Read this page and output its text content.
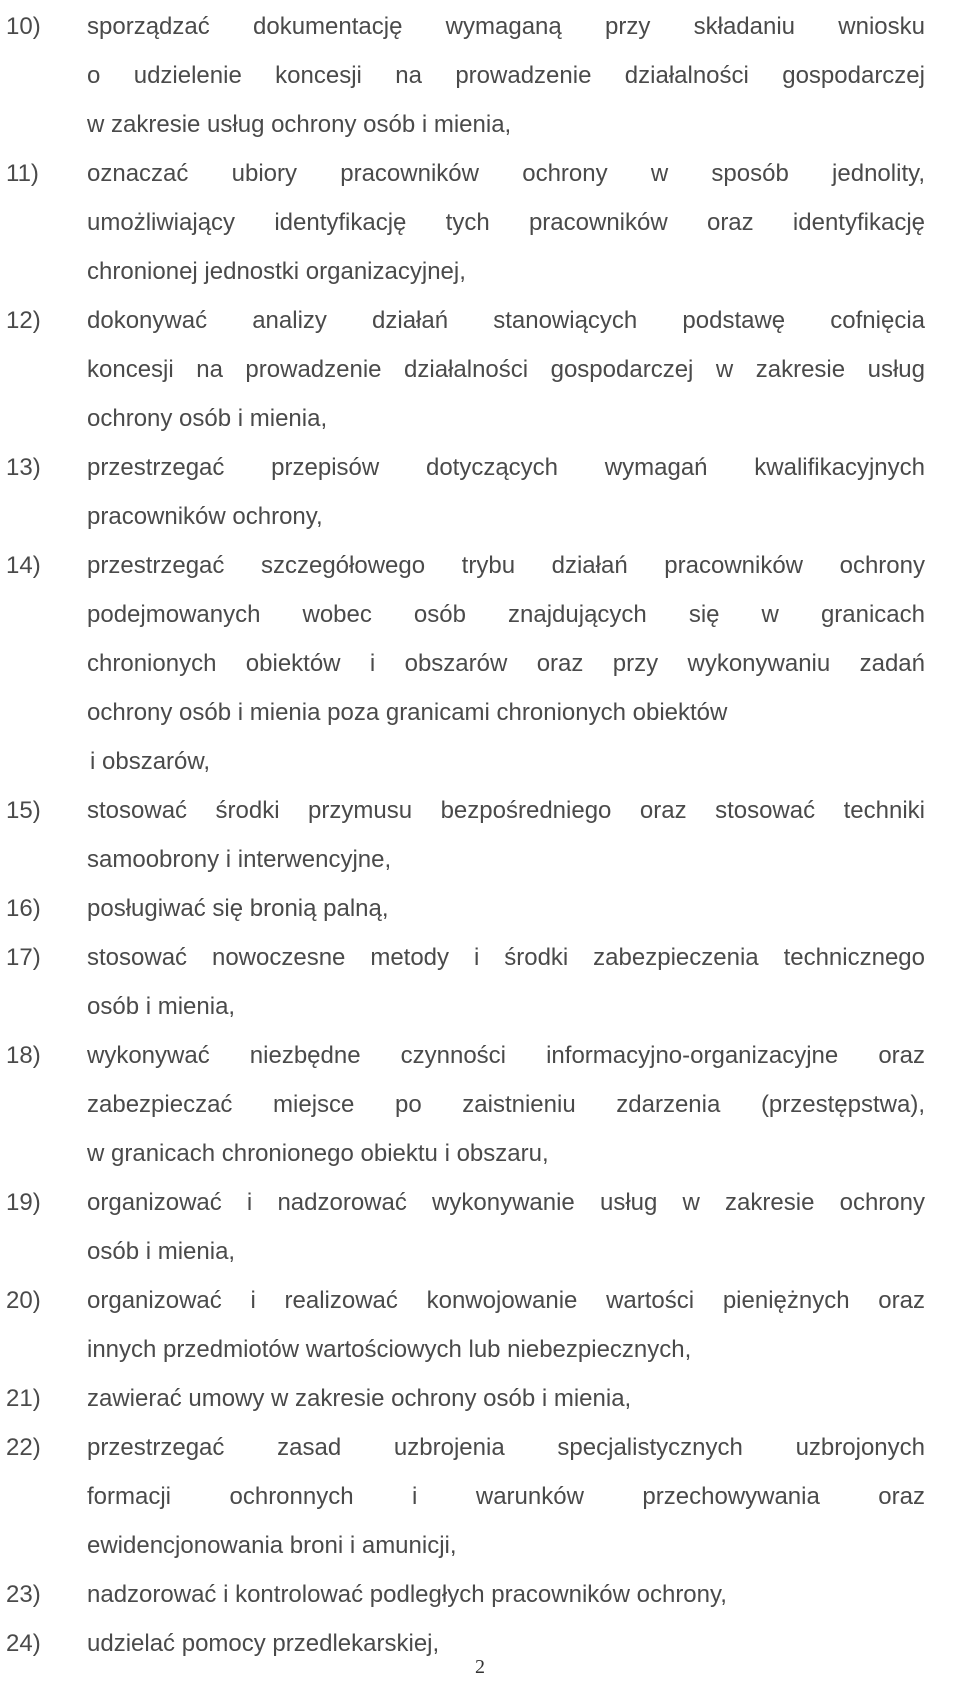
10) sporządzać dokumentację wymaganą przy składaniu wniosku
o udzielenie koncesji na prowadzenie działalności gospodarczej
w zakresie usług ochrony osób i mienia,
11) oznaczać ubiory pracowników ochrony w sposób jednolity,
umożliwiający identyfikację tych pracowników oraz identyfikację
chronionej jednostki organizacyjnej,
12) dokonywać analizy działań stanowiących podstawę cofnięcia
koncesji na prowadzenie działalności gospodarczej w zakresie usług
ochrony osób i mienia,
13) przestrzegać przepisów dotyczących wymagań kwalifikacyjnych
pracowników ochrony,
14) przestrzegać szczegółowego trybu działań pracowników ochrony
podejmowanych wobec osób znajdujących się w granicach
chronionych obiektów i obszarów oraz przy wykonywaniu zadań
ochrony osób i mienia poza granicami chronionych obiektów
i obszarów,
15) stosować środki przymusu bezpośredniego oraz stosować techniki
samoobrony i interwencyjne,
16) posługiwać się bronią palną,
17) stosować nowoczesne metody i środki zabezpieczenia technicznego
osób i mienia,
18) wykonywać niezbędne czynności informacyjno-organizacyjne oraz
zabezpieczać miejsce po zaistnieniu zdarzenia (przestępstwa),
w granicach chronionego obiektu i obszaru,
19) organizować i nadzorować wykonywanie usług w zakresie ochrony
osób i mienia,
20) organizować i realizować konwojowanie wartości pieniężnych oraz
innych przedmiotów wartościowych lub niebezpiecznych,
21) zawierać umowy w zakresie ochrony osób i mienia,
22) przestrzegać zasad uzbrojenia specjalistycznych uzbrojonych
formacji ochronnych i warunków przechowywania oraz
ewidencjonowania broni i amunicji,
23) nadzorować i kontrolować podległych pracowników ochrony,
24) udzielać pomocy przedlekarskiej,
2
